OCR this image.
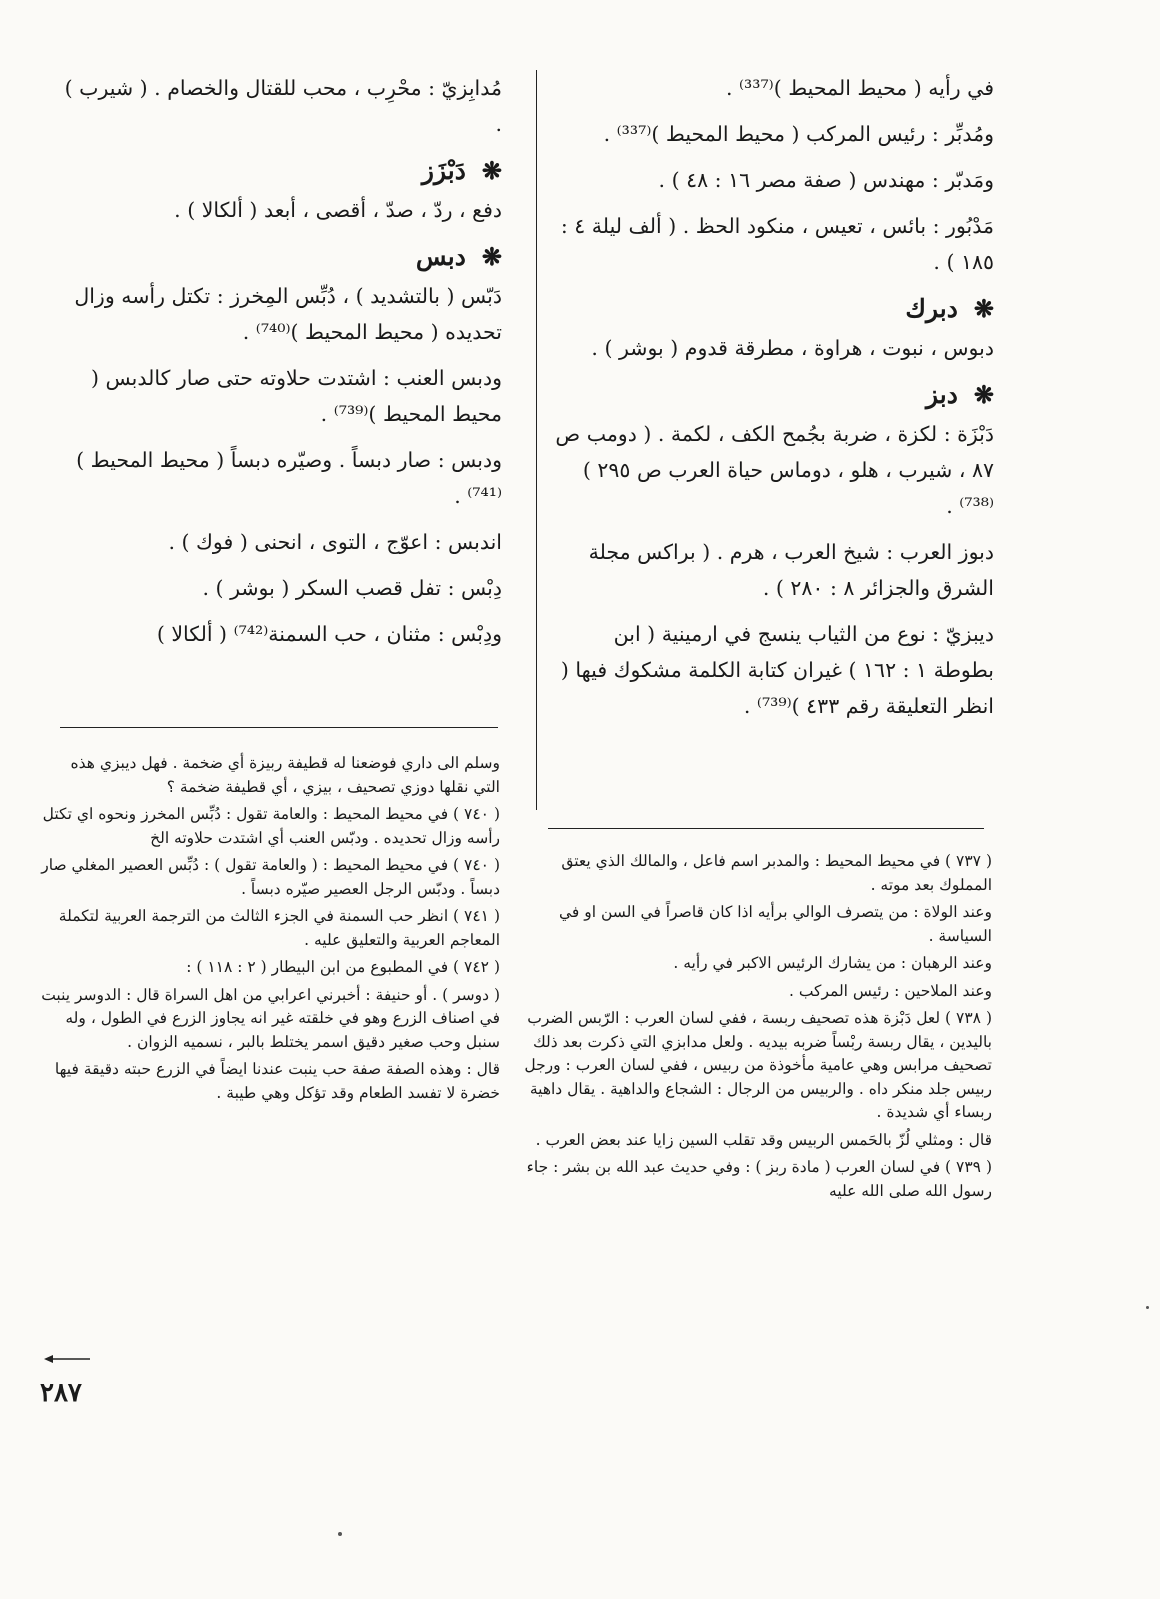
في رأيه ( محيط المحيط )⁽³³⁷⁾ .

ومُدبِّر : رئيس المركب ( محيط المحيط )⁽³³⁷⁾ .

ومَدبّر : مهندس ( صفة مصر ١٦ : ٤٨ ) .

مَدْبُور : بائس ، تعيس ، منكود الحظ . ( ألف ليلة ٤ : ١٨٥ ) .

❋
دبرك

دبوس ، نبوت ، هراوة ، مطرقة قدوم ( بوشر ) .

❋
دبز

دَبْزَة : لكزة ، ضربة بجُمح الكف ، لكمة . ( دومب ص ٨٧ ، شيرب ، هلو ، دوماس حياة العرب ص ٢٩٥ )⁽⁷³⁸⁾ .

دبوز العرب : شيخ العرب ، هرم . ( براكس مجلة الشرق والجزائر ٨ : ٢٨٠ ) .

ديبزيّ : نوع من الثياب ينسج في ارمينية ( ابن بطوطة ١ : ١٦٢ ) غيران كتابة الكلمة مشكوك فيها ( انظر التعليقة رقم ٤٣٣ )⁽⁷³⁹⁾ .

مُدابِزيّ : محْرِب ، محب للقتال والخصام . ( شيرب ) .

❋
دَبْزَز

دفع ، ردّ ، صدّ ، أقصى ، أبعد ( ألكالا ) .

❋
دبس

دَبّس ( بالتشديد ) ، دُبِّس المِخرز : تكتل رأسه وزال تحديده ( محيط المحيط )⁽⁷⁴⁰⁾ .

ودبس العنب : اشتدت حلاوته حتى صار كالدبس ( محيط المحيط )⁽⁷³⁹⁾ .

ودبس : صار دبساً . وصيّره دبساً ( محيط المحيط )⁽⁷⁴¹⁾ .

اندبس : اعوّج ، التوى ، انحنى ( فوك ) .

دِبْس : تفل قصب السكر ( بوشر ) .

ودِبْس : مثنان ، حب السمنة⁽⁷⁴²⁾ ( ألكالا )

( ٧٣٧ ) في محيط المحيط : والمدبر اسم فاعل ، والمالك الذي يعتق المملوك بعد موته .

وعند الولاة : من يتصرف الوالي برأيه اذا كان قاصراً في السن او في السياسة .

وعند الرهبان : من يشارك الرئيس الاكبر في رأيه .

وعند الملاحين : رئيس المركب .

( ٧٣٨ ) لعل دَبْزة هذه تصحيف ربسة ، ففي لسان العرب : الرّبس الضرب باليدين ، يقال ربسة ربْساً ضربه بيديه . ولعل مدابزي التي ذكرت بعد ذلك تصحيف مرابس وهي عامية مأخوذة من ربيس ، ففي لسان العرب : ورجل ربيس جلد منكر داه . والربيس من الرجال : الشجاع والداهية . يقال داهية ربساء أي شديدة .

قال : ومثلي لُزّ بالحَمس الربيس وقد تقلب السين زايا عند بعض العرب .

( ٧٣٩ ) في لسان العرب ( مادة ربز ) : وفي حديث عبد الله بن بشر : جاء رسول الله صلى الله عليه

وسلم الى داري فوضعنا له قطيفة ربيزة أي ضخمة . فهل ديبزي هذه التي نقلها دوزي تصحيف ، بيزي ، أي قطيفة ضخمة ؟

( ٧٤٠ ) في محيط المحيط : والعامة تقول : دُبِّس المخرز ونحوه اي تكتل رأسه وزال تحديده . ودبّس العنب أي اشتدت حلاوته الخ

( ٧٤٠ ) في محيط المحيط : ( والعامة تقول ) : دُبِّس العصير المغلي صار دبساً . ودبّس الرجل العصير صيّره دبساً .

( ٧٤١ ) انظر حب السمنة في الجزء الثالث من الترجمة العربية لتكملة المعاجم العربية والتعليق عليه .

( ٧٤٢ ) في المطبوع من ابن البيطار ( ٢ : ١١٨ ) :

( دوسر ) . أو حنيفة : أخبرني اعرابي من اهل السراة قال : الدوسر ينبت في اصناف الزرع وهو في خلقته غير انه يجاوز الزرع في الطول ، وله سنبل وحب صغير دقيق اسمر يختلط بالبر ، نسميه الزوان .

قال : وهذه الصفة صفة حب ينبت عندنا ايضاً في الزرع حبته دقيقة فيها خضرة لا تفسد الطعام وقد تؤكل وهي طيبة .

٢٨٧
